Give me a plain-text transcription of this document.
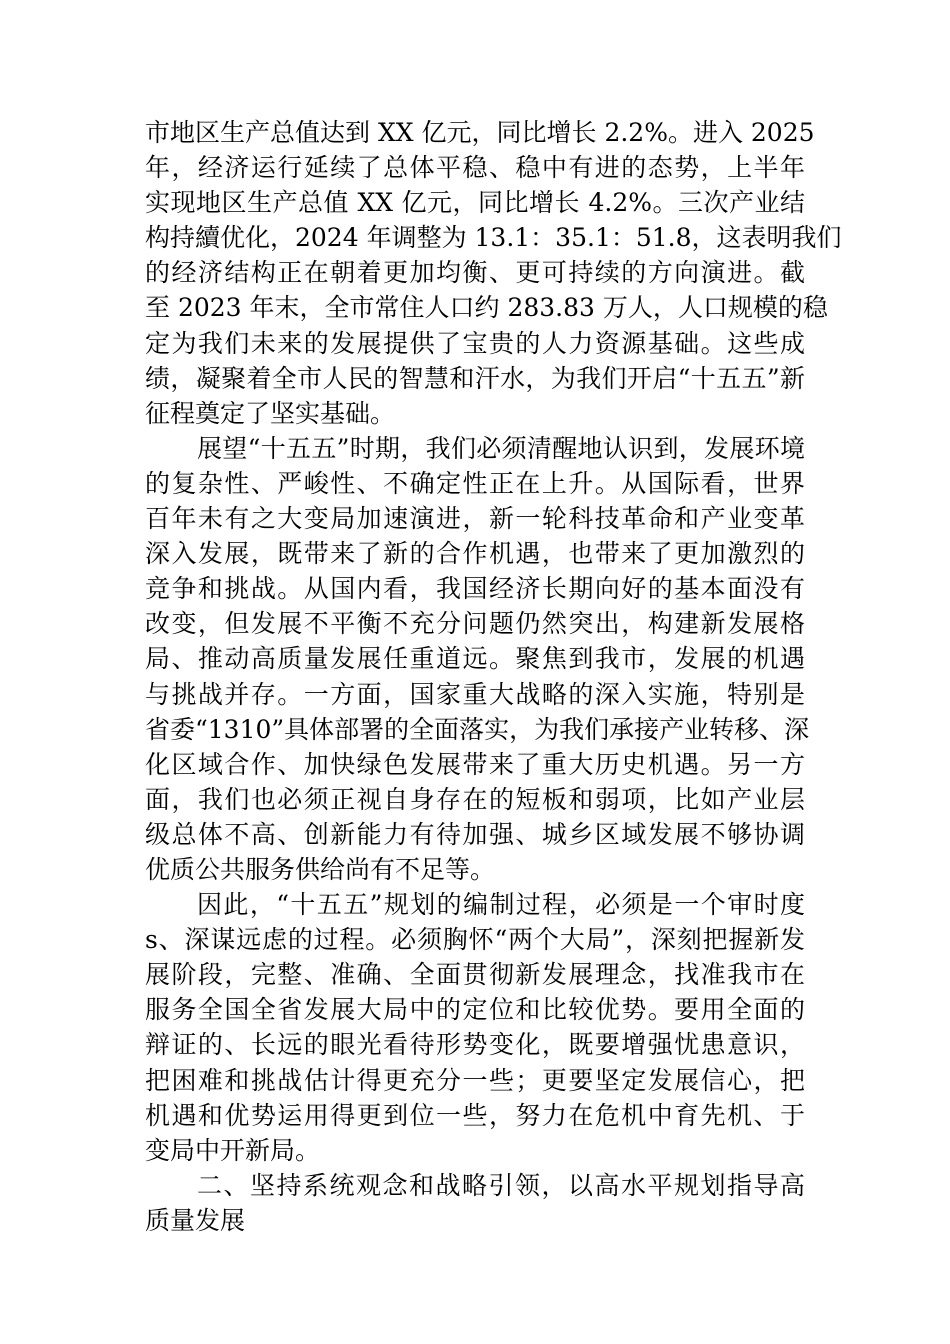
市地区生产总值达到 XX 亿元，同比增长 2.2%。进入 2025
年，经济运行延续了总体平稳、稳中有进的态势，上半年
实现地区生产总值 XX 亿元，同比增长 4.2%。三次产业结
构持續优化，2024 年调整为 13.1：35.1：51.8，这表明我们
的经济结构正在朝着更加均衡、更可持续的方向演进。截
至 2023 年末，全市常住人口约 283.83 万人，人口规模的稳
定为我们未来的发展提供了宝贵的人力资源基础。这些成
绩，凝聚着全市人民的智慧和汗水，为我们开启“十五五”新
征程奠定了坚实基础。
展望“十五五”时期，我们必须清醒地认识到，发展环境
的复杂性、严峻性、不确定性正在上升。从国际看，世界
百年未有之大变局加速演进，新一轮科技革命和产业变革
深入发展，既带来了新的合作机遇，也带来了更加激烈的
竞争和挑战。从国内看，我国经济长期向好的基本面没有
改变，但发展不平衡不充分问题仍然突出，构建新发展格
局、推动高质量发展任重道远。聚焦到我市，发展的机遇
与挑战并存。一方面，国家重大战略的深入实施，特别是
省委“1310”具体部署的全面落实，为我们承接产业转移、深
化区域合作、加快绿色发展带来了重大历史机遇。另一方
面，我们也必须正视自身存在的短板和弱项，比如产业层
级总体不高、创新能力有待加强、城乡区域发展不够协调
优质公共服务供给尚有不足等。
因此，“十五五”规划的编制过程，必须是一个审时度
s、深谋远虑的过程。必须胸怀“两个大局”，深刻把握新发
展阶段，完整、准确、全面贯彻新发展理念，找准我市在
服务全国全省发展大局中的定位和比较优势。要用全面的
辩证的、长远的眼光看待形势变化，既要增强忧患意识，
把困难和挑战估计得更充分一些；更要坚定发展信心，把
机遇和优势运用得更到位一些，努力在危机中育先机、于
变局中开新局。
二、坚持系统观念和战略引领，以高水平规划指导高
质量发展
